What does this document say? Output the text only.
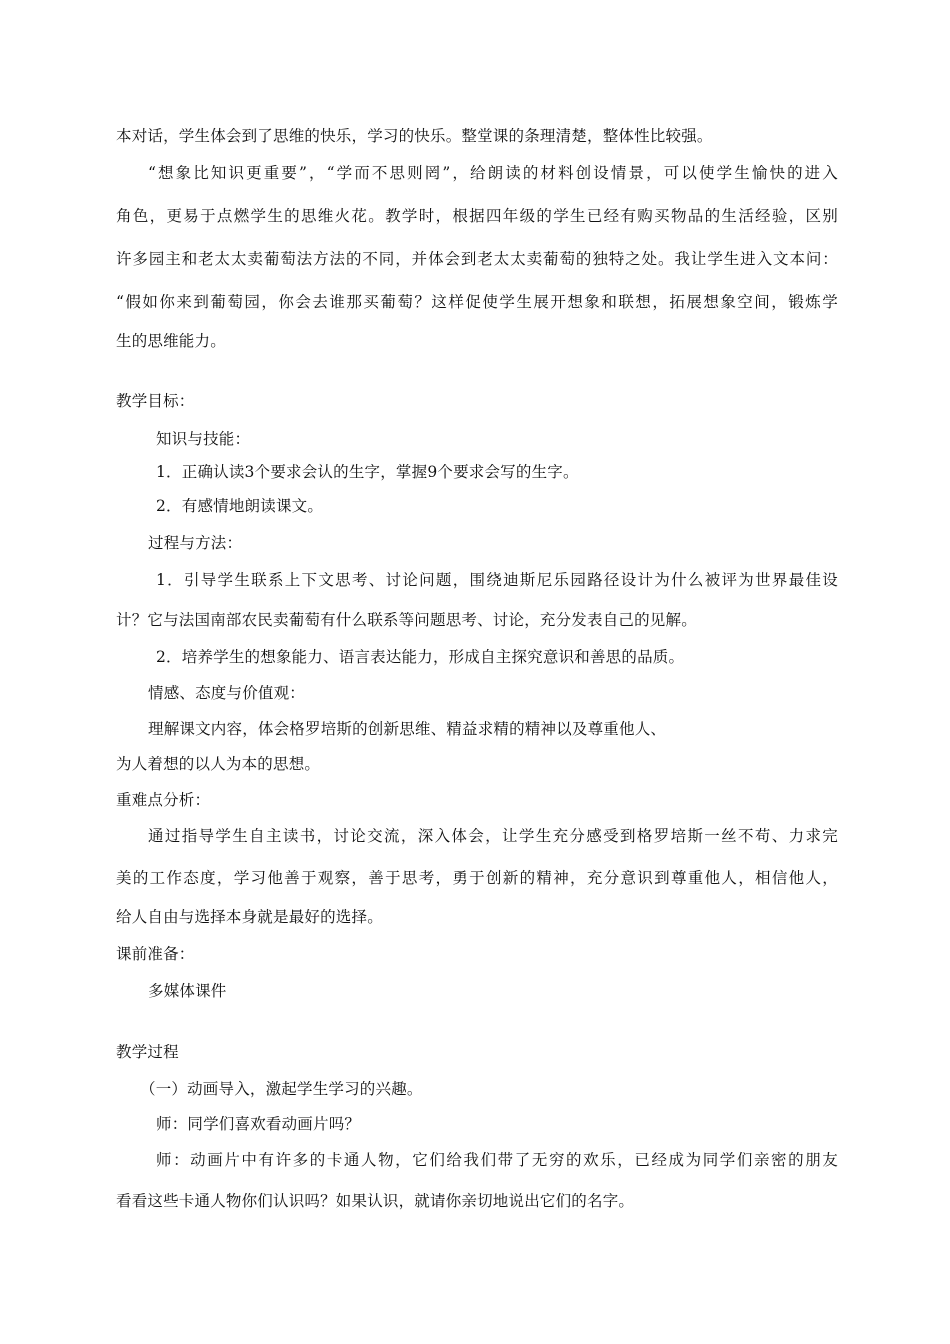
本对话，学生体会到了思维的快乐，学习的快乐。整堂课的条理清楚，整体性比较强。
“想象比知识更重要”，“学而不思则罔”，给朗读的材料创设情景，可以使学生愉快的进入
角色，更易于点燃学生的思维火花。教学时，根据四年级的学生已经有购买物品的生活经验，区别
许多园主和老太太卖葡萄法方法的不同，并体会到老太太卖葡萄的独特之处。我让学生进入文本问：
“假如你来到葡萄园，你会去谁那买葡萄？这样促使学生展开想象和联想，拓展想象空间，锻炼学
生的思维能力。
教学目标：
知识与技能：
1．正确认读3个要求会认的生字，掌握9个要求会写的生字。
2．有感情地朗读课文。
过程与方法：
1．引导学生联系上下文思考、讨论问题，围绕迪斯尼乐园路径设计为什么被评为世界最佳设
计？它与法国南部农民卖葡萄有什么联系等问题思考、讨论，充分发表自己的见解。
2．培养学生的想象能力、语言表达能力，形成自主探究意识和善思的品质。
情感、态度与价值观：
理解课文内容，体会格罗培斯的创新思维、精益求精的精神以及尊重他人、
为人着想的以人为本的思想。
重难点分析：
通过指导学生自主读书，讨论交流，深入体会，让学生充分感受到格罗培斯一丝不苟、力求完
美的工作态度，学习他善于观察，善于思考，勇于创新的精神，充分意识到尊重他人，相信他人，
给人自由与选择本身就是最好的选择。
课前准备：
多媒体课件
教学过程
（一）动画导入，激起学生学习的兴趣。
师：同学们喜欢看动画片吗？
师：动画片中有许多的卡通人物，它们给我们带了无穷的欢乐，已经成为同学们亲密的朋友
看看这些卡通人物你们认识吗？如果认识，就请你亲切地说出它们的名字。
